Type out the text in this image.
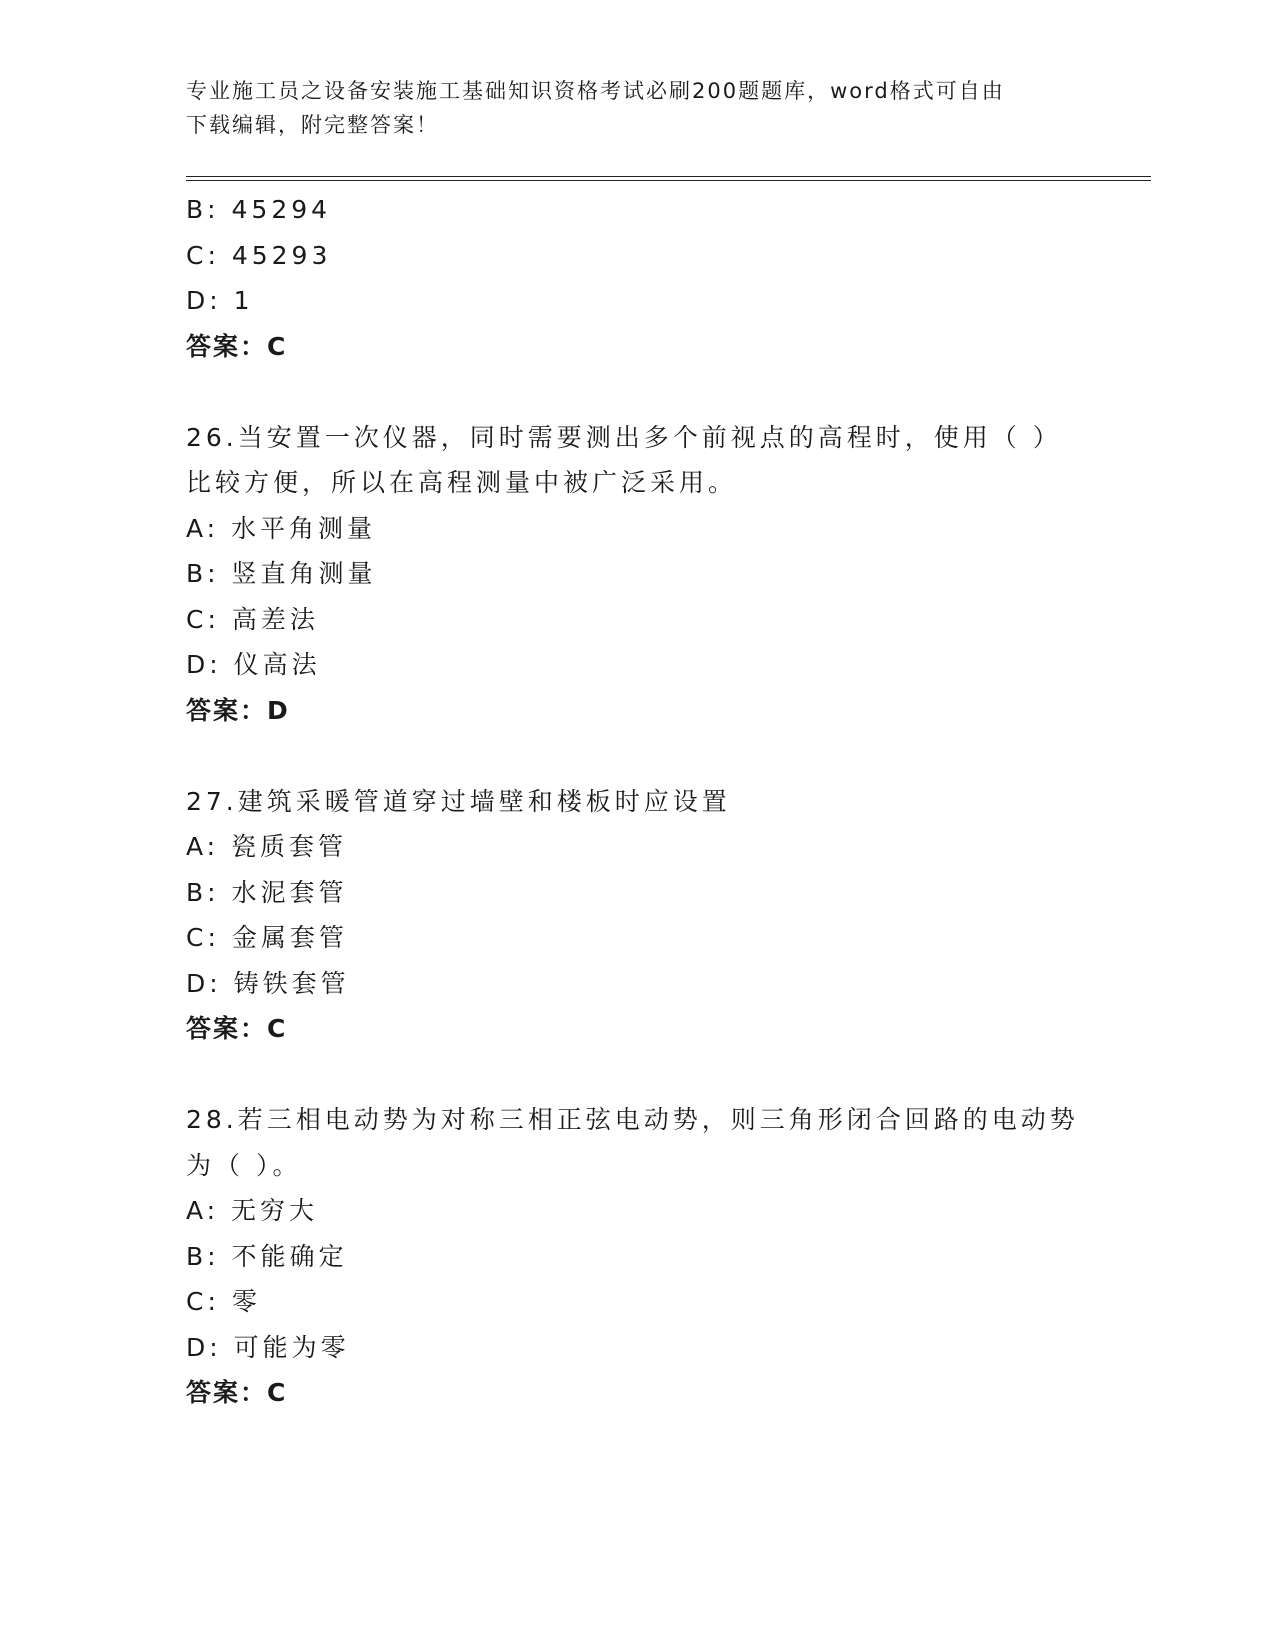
专业施工员之设备安装施工基础知识资格考试必刷200题题库，word格式可自由
下载编辑，附完整答案！
B: 45294
C: 45293
D: 1
答案：C
26.当安置一次仪器，同时需要测出多个前视点的高程时，使用（ ）
比较方便，所以在高程测量中被广泛采用。
A: 水平角测量
B: 竖直角测量
C: 高差法
D: 仪高法
答案：D
27.建筑采暖管道穿过墙壁和楼板时应设置
A: 瓷质套管
B: 水泥套管
C: 金属套管
D: 铸铁套管
答案：C
28.若三相电动势为对称三相正弦电动势，则三角形闭合回路的电动势
为（ ）。
A: 无穷大
B: 不能确定
C: 零
D: 可能为零
答案：C
